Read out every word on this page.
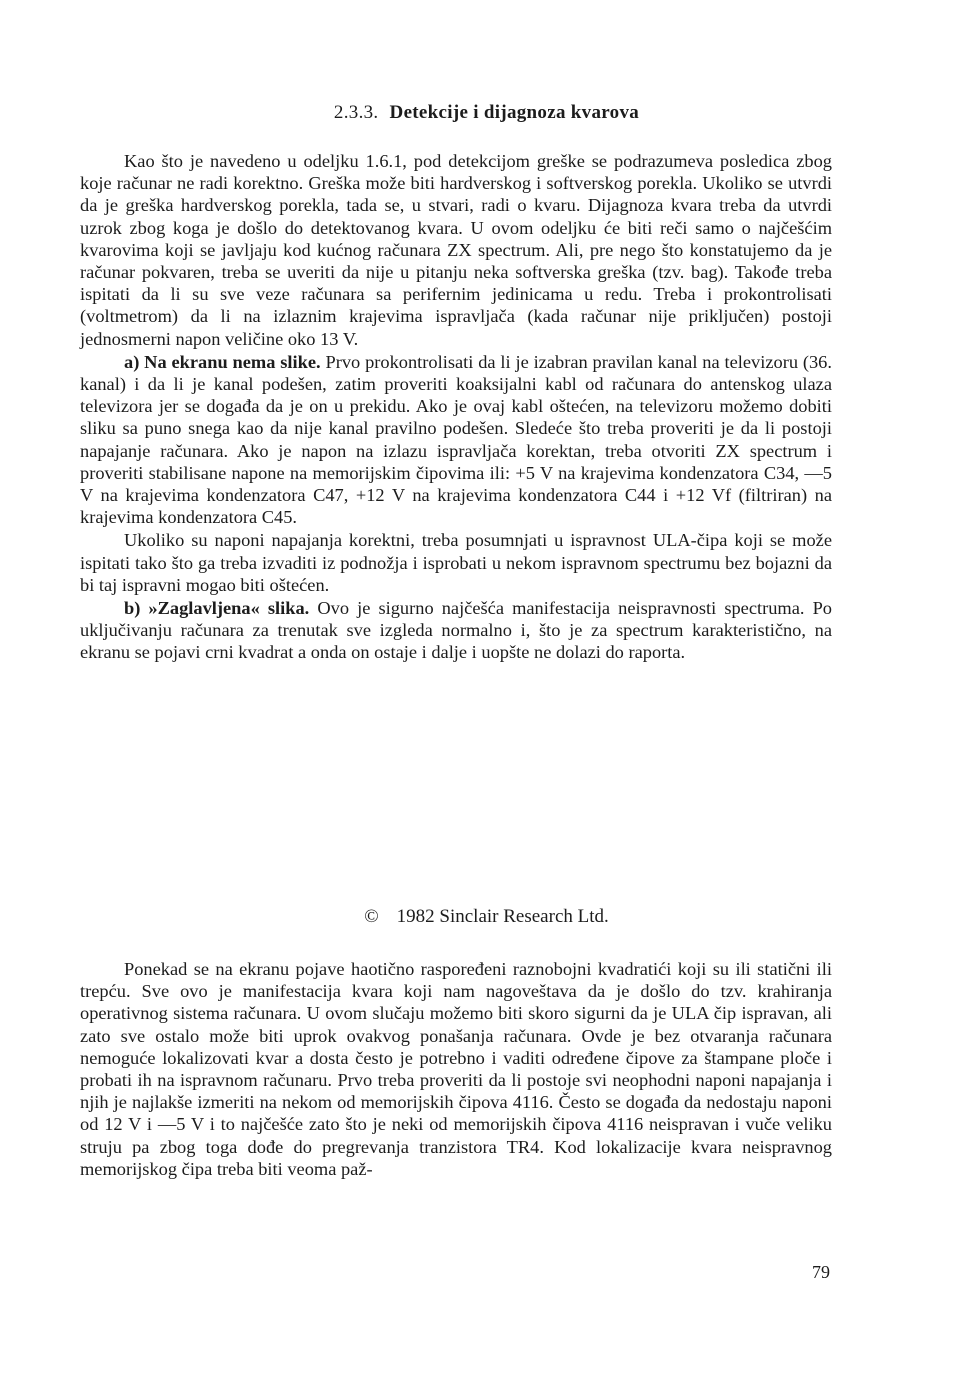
2.3.3. Detekcije i dijagnoza kvarova

Kao što je navedeno u odeljku 1.6.1, pod detekcijom greške se podrazumeva posledica zbog koje računar ne radi korektno. Greška može biti hardverskog i softverskog porekla. Ukoliko se utvrdi da je greška hardverskog porekla, tada se, u stvari, radi o kvaru. Dijagnoza kvara treba da utvrdi uzrok zbog koga je došlo do detektovanog kvara. U ovom odeljku će biti reči samo o najčešćim kvarovima koji se javljaju kod kućnog računara ZX spectrum. Ali, pre nego što konstatujemo da je računar pokvaren, treba se uveriti da nije u pitanju neka softverska greška (tzv. bag). Takođe treba ispitati da li su sve veze računara sa perifernim jedinicama u redu. Treba i prokontrolisati (voltmetrom) da li na izlaznim krajevima ispravljača (kada računar nije priključen) postoji jednosmerni napon veličine oko 13 V.

a) Na ekranu nema slike. Prvo prokontrolisati da li je izabran pravilan kanal na televizoru (36. kanal) i da li je kanal podešen, zatim proveriti koaksijalni kabl od računara do antenskog ulaza televizora jer se događa da je on u prekidu. Ako je ovaj kabl oštećen, na televizoru možemo dobiti sliku sa puno snega kao da nije kanal pravilno podešen. Sledeće što treba proveriti je da li postoji napajanje računara. Ako je napon na izlazu ispravljača korektan, treba otvoriti ZX spectrum i proveriti stabilisane napone na memorijskim čipovima ili: +5 V na krajevima kondenzatora C34, —5 V na krajevima kondenzatora C47, +12 V na krajevima kondenzatora C44 i +12 Vf (filtriran) na krajevima kondenzatora C45.

Ukoliko su naponi napajanja korektni, treba posumnjati u ispravnost ULA-čipa koji se može ispitati tako što ga treba izvaditi iz podnožja i isprobati u nekom ispravnom spectrumu bez bojazni da bi taj ispravni mogao biti oštećen.

b) »Zaglavljena« slika. Ovo je sigurno najčešća manifestacija neispravnosti spectruma. Po uključivanju računara za trenutak sve izgleda normalno i, što je za spectrum karakteristično, na ekranu se pojavi crni kvadrat a onda on ostaje i dalje i uopšte ne dolazi do raporta.

© 1982 Sinclair Research Ltd.

Ponekad se na ekranu pojave haotično raspoređeni raznobojni kvadratići koji su ili statični ili trepću. Sve ovo je manifestacija kvara koji nam nagoveštava da je došlo do tzv. krahiranja operativnog sistema računara. U ovom slučaju možemo biti skoro sigurni da je ULA čip ispravan, ali zato sve ostalo može biti uprok ovakvog ponašanja računara. Ovde je bez otvaranja računara nemoguće lokalizovati kvar a dosta često je potrebno i vaditi određene čipove za štampane ploče i probati ih na ispravnom računaru. Prvo treba proveriti da li postoje svi neophodni naponi napajanja i njih je najlakše izmeriti na nekom od memorijskih čipova 4116. Često se događa da nedostaju naponi od 12 V i —5 V i to najčešće zato što je neki od memorijskih čipova 4116 neispravan i vuče veliku struju pa zbog toga dođe do pregrevanja tranzistora TR4. Kod lokalizacije kvara neispravnog memorijskog čipa treba biti veoma paž-

79
